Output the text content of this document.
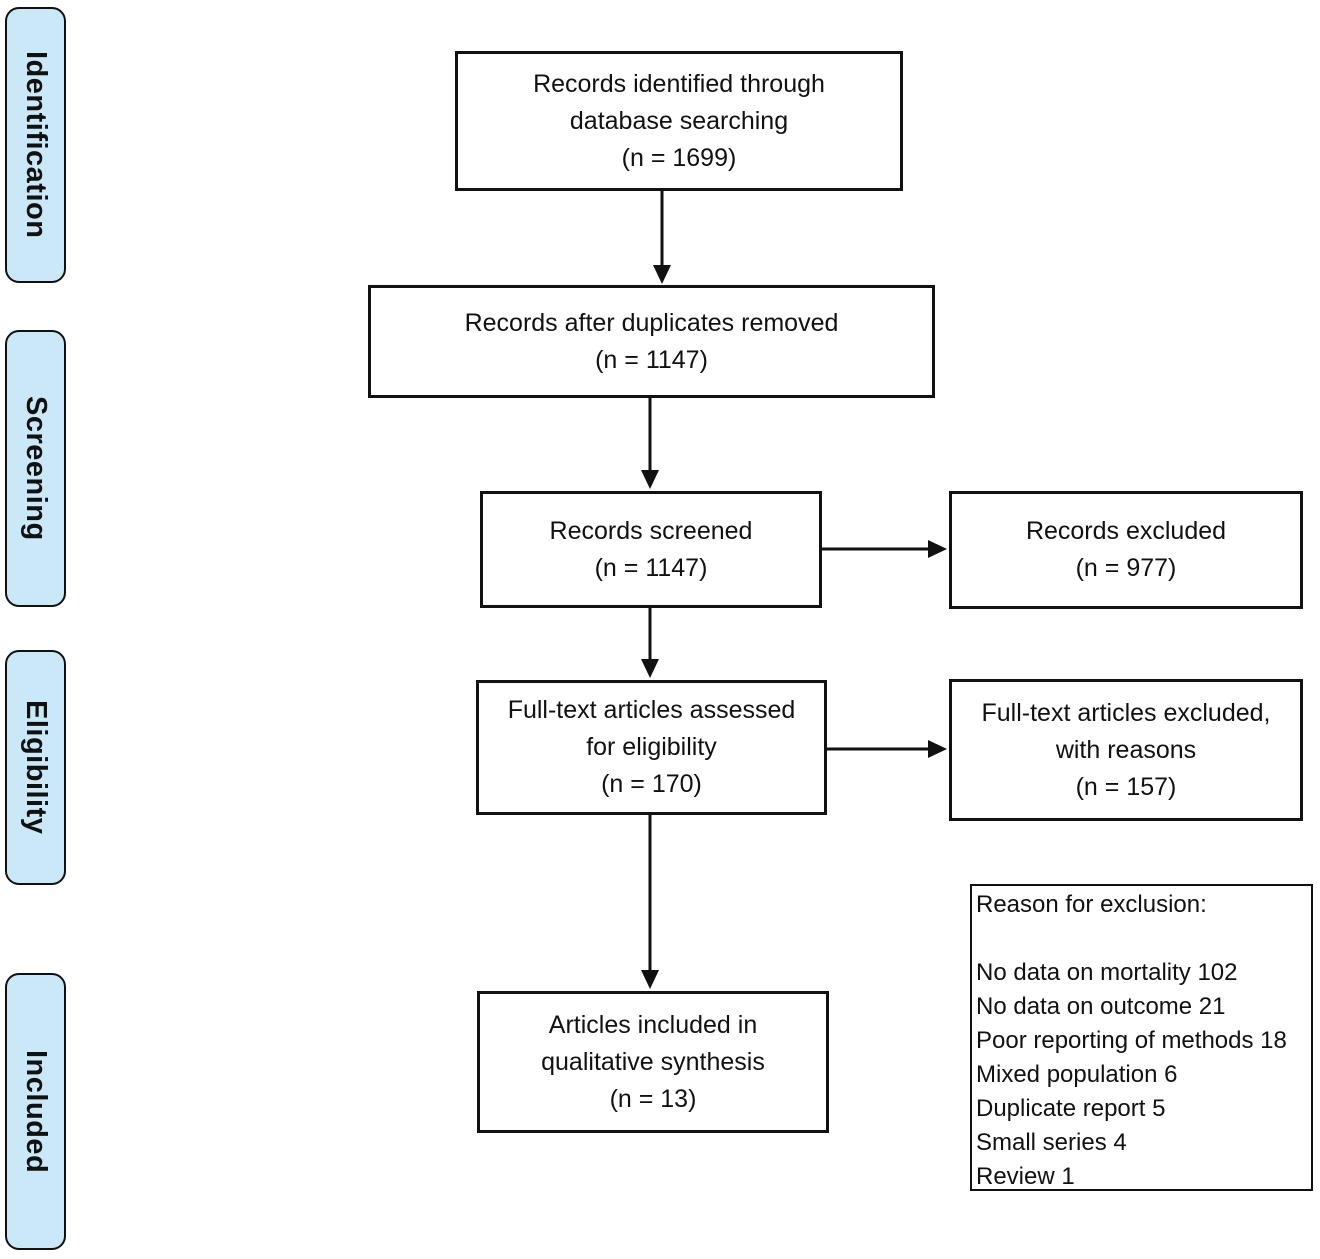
Identification
Screening
Eligibility
Included
Records identified through
database searching
(n = 1699)
Records after duplicates removed
(n = 1147)
Records screened
(n = 1147)
Records excluded
(n = 977)
Full-text articles assessed
for eligibility
(n = 170)
Full-text articles excluded,
with reasons
(n = 157)
Articles included in
qualitative synthesis
(n = 13)
Reason for exclusion:
No data on mortality 102
No data on outcome 21
Poor reporting of methods 18
Mixed population 6
Duplicate report 5
Small series 4
Review 1
